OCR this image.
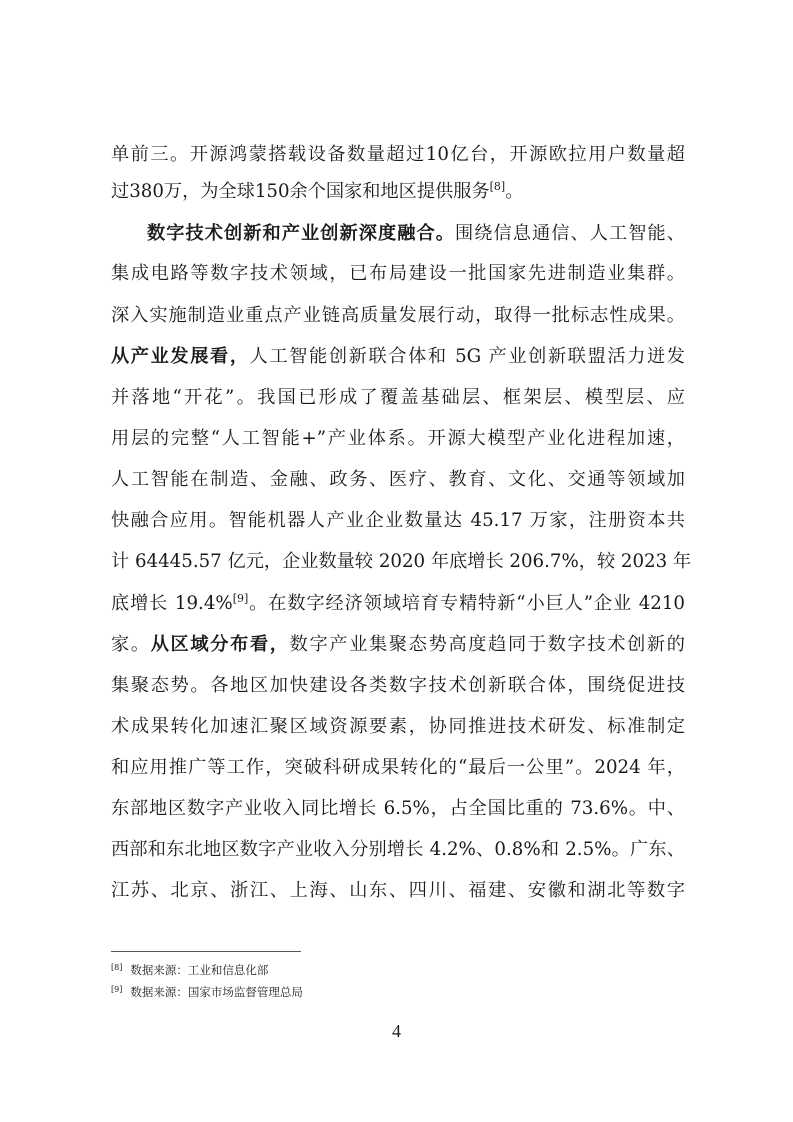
单前三。开源鸿蒙搭载设备数量超过10亿台，开源欧拉用户数量超
过380万，为全球150余个国家和地区提供服务[8]。
数字技术创新和产业创新深度融合。围绕信息通信、人工智能、
集成电路等数字技术领域，已布局建设一批国家先进制造业集群。
深入实施制造业重点产业链高质量发展行动，取得一批标志性成果。
从产业发展看，人工智能创新联合体和 5G 产业创新联盟活力迸发
并落地“开花”。我国已形成了覆盖基础层、框架层、模型层、应
用层的完整“人工智能+”产业体系。开源大模型产业化进程加速，
人工智能在制造、金融、政务、医疗、教育、文化、交通等领域加
快融合应用。智能机器人产业企业数量达 45.17 万家，注册资本共
计 64445.57 亿元，企业数量较 2020 年底增长 206.7%，较 2023 年
底增长 19.4%[9]。在数字经济领域培育专精特新“小巨人”企业 4210
家。从区域分布看，数字产业集聚态势高度趋同于数字技术创新的
集聚态势。各地区加快建设各类数字技术创新联合体，围绕促进技
术成果转化加速汇聚区域资源要素，协同推进技术研发、标准制定
和应用推广等工作，突破科研成果转化的“最后一公里”。2024 年，
东部地区数字产业收入同比增长 6.5%，占全国比重的 73.6%。中、
西部和东北地区数字产业收入分别增长 4.2%、0.8%和 2.5%。广东、
江苏、北京、浙江、上海、山东、四川、福建、安徽和湖北等数字
[8] 数据来源：工业和信息化部
[9] 数据来源：国家市场监督管理总局
4
